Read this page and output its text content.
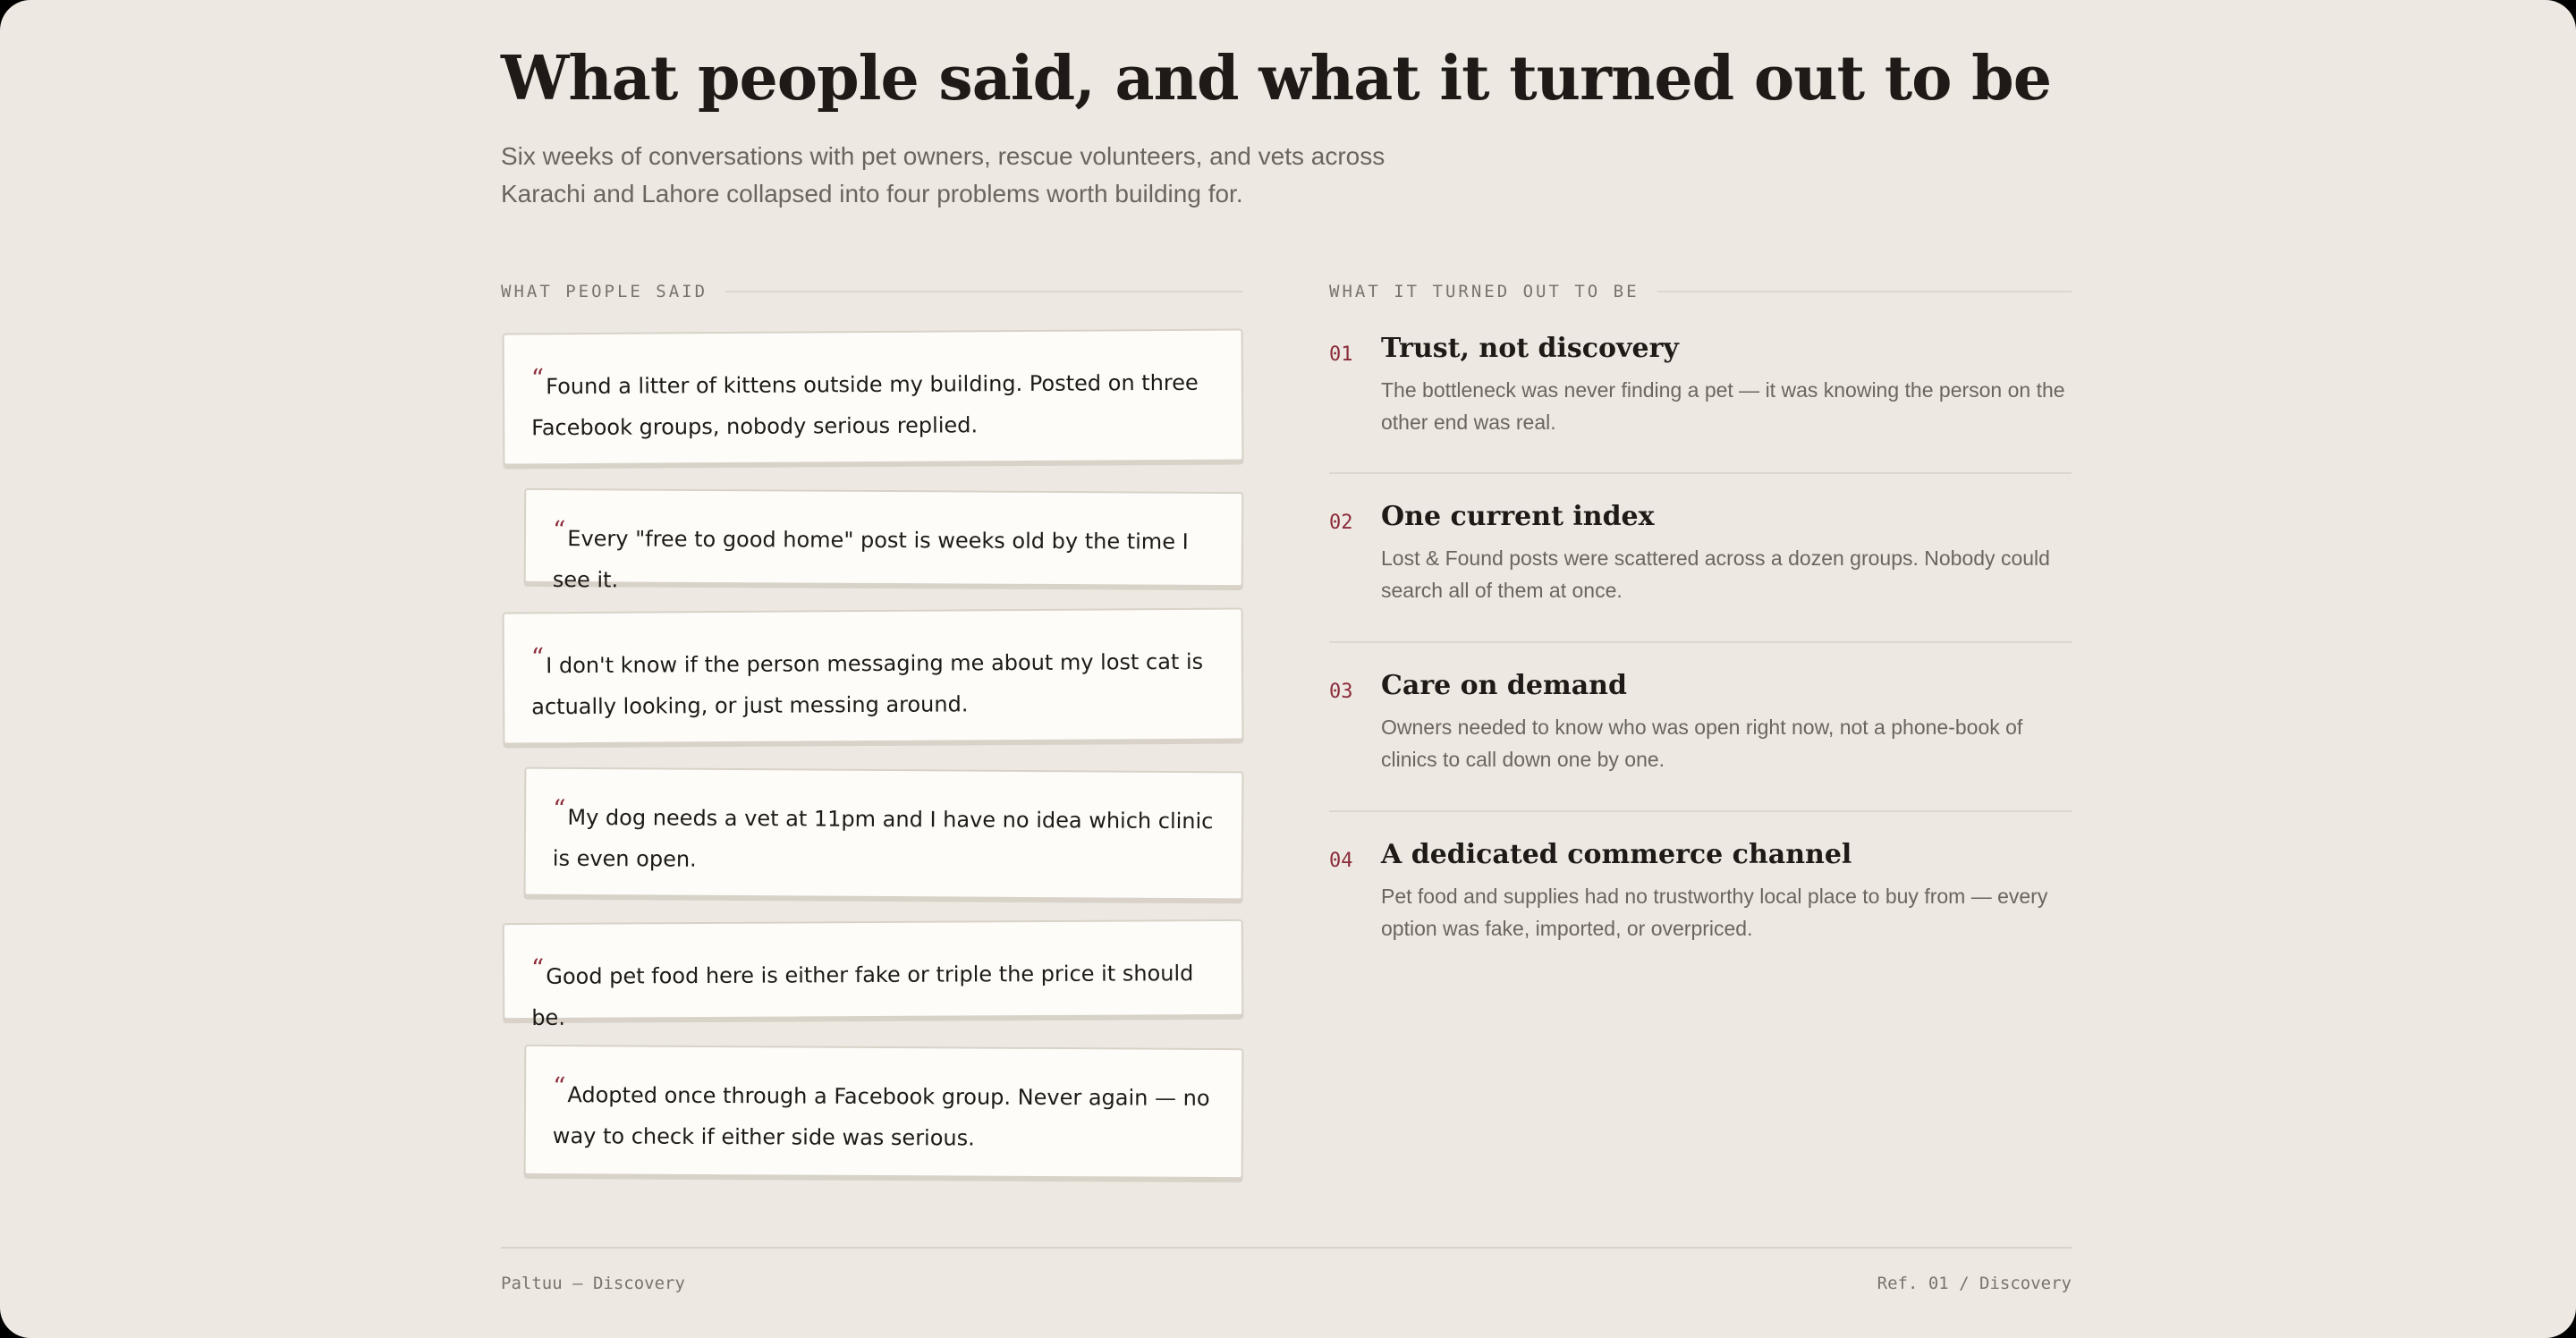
What people said, and what it turned out to be

Six weeks of conversations with pet owners, rescue volunteers, and vets across Karachi and Lahore collapsed into four problems worth building for.

WHAT PEOPLE SAID	WHAT IT TURNED OUT TO BE
“Found a litter of kittens outside my building. Posted on three Facebook groups, nobody serious replied.
“Every "free to good home" post is weeks old by the time I see it.
“I don't know if the person messaging me about my lost cat is actually looking, or just messing around.
“My dog needs a vet at 11pm and I have no idea which clinic is even open.
“Good pet food here is either fake or triple the price it should be.
“Adopted once through a Facebook group. Never again — no way to check if either side was serious.
01 Trust, not discovery
The bottleneck was never finding a pet — it was knowing the person on the other end was real.
02 One current index
Lost & Found posts were scattered across a dozen groups. Nobody could search all of them at once.
03 Care on demand
Owners needed to know who was open right now, not a phone-book of clinics to call down one by one.
04 A dedicated commerce channel
Pet food and supplies had no trustworthy local place to buy from — every option was fake, imported, or overpriced.
Paltuu — Discovery	Ref. 01 / Discovery
